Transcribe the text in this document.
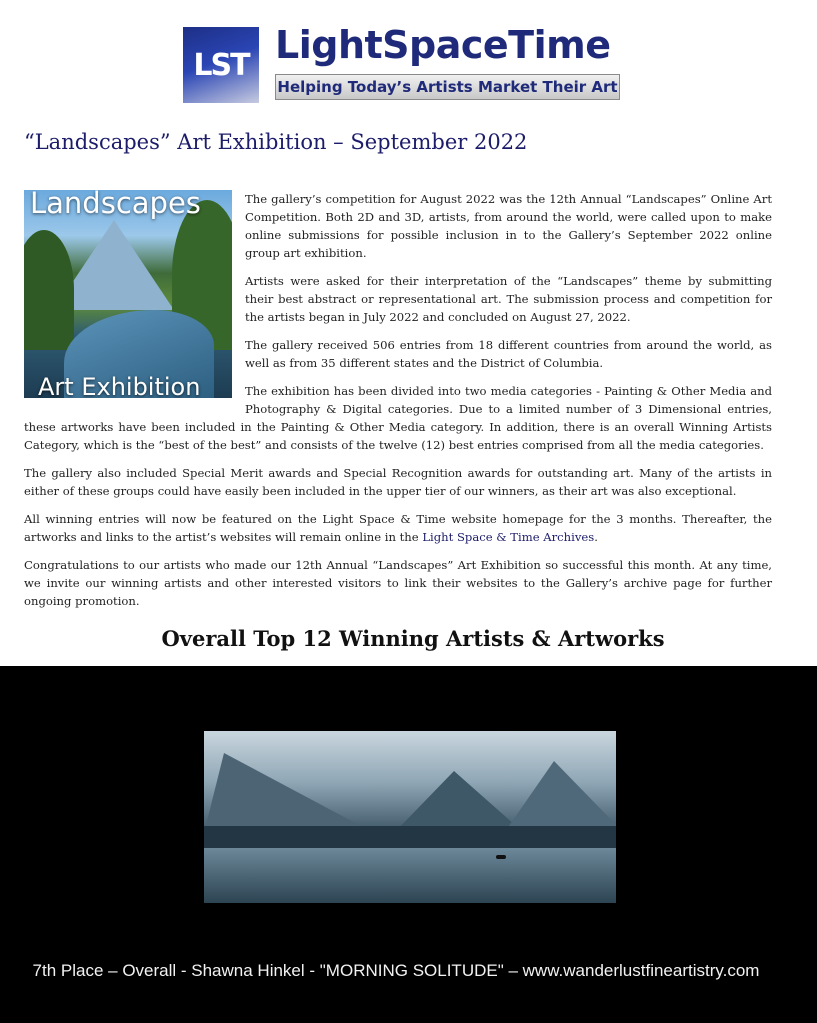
LST LightSpaceTime
Helping Today’s Artists Market Their Art
“Landscapes” Art Exhibition – September 2022
Landscapes
Art Exhibition

The gallery’s competition for August 2022 was the 12th Annual “Landscapes” Online Art Competition. Both 2D and 3D, artists, from around the world, were called upon to make online submissions for possible inclusion in to the Gallery’s September 2022 online group art exhibition.

Artists were asked for their interpretation of the “Landscapes” theme by submitting their best abstract or representational art. The submission process and competition for the artists began in July 2022 and concluded on August 27, 2022.

The gallery received 506 entries from 18 different countries from around the world, as well as from 35 different states and the District of Columbia.

The exhibition has been divided into two media categories - Painting & Other Media and Photography & Digital categories. Due to a limited number of 3 Dimensional entries, these artworks have been included in the Painting & Other Media category. In addition, there is an overall Winning Artists Category, which is the “best of the best” and consists of the twelve (12) best entries comprised from all the media categories.

The gallery also included Special Merit awards and Special Recognition awards for outstanding art. Many of the artists in either of these groups could have easily been included in the upper tier of our winners, as their art was also exceptional.

All winning entries will now be featured on the Light Space & Time website homepage for the 3 months. Thereafter, the artworks and links to the artist’s websites will remain online in the Light Space & Time Archives.

Congratulations to our artists who made our 12th Annual “Landscapes” Art Exhibition so successful this month. At any time, we invite our winning artists and other interested visitors to link their websites to the Gallery’s archive page for further ongoing promotion.

Overall Top 12 Winning Artists & Artworks
7th Place – Overall - Shawna Hinkel - "MORNING SOLITUDE" – www.wanderlustfineartistry.com
